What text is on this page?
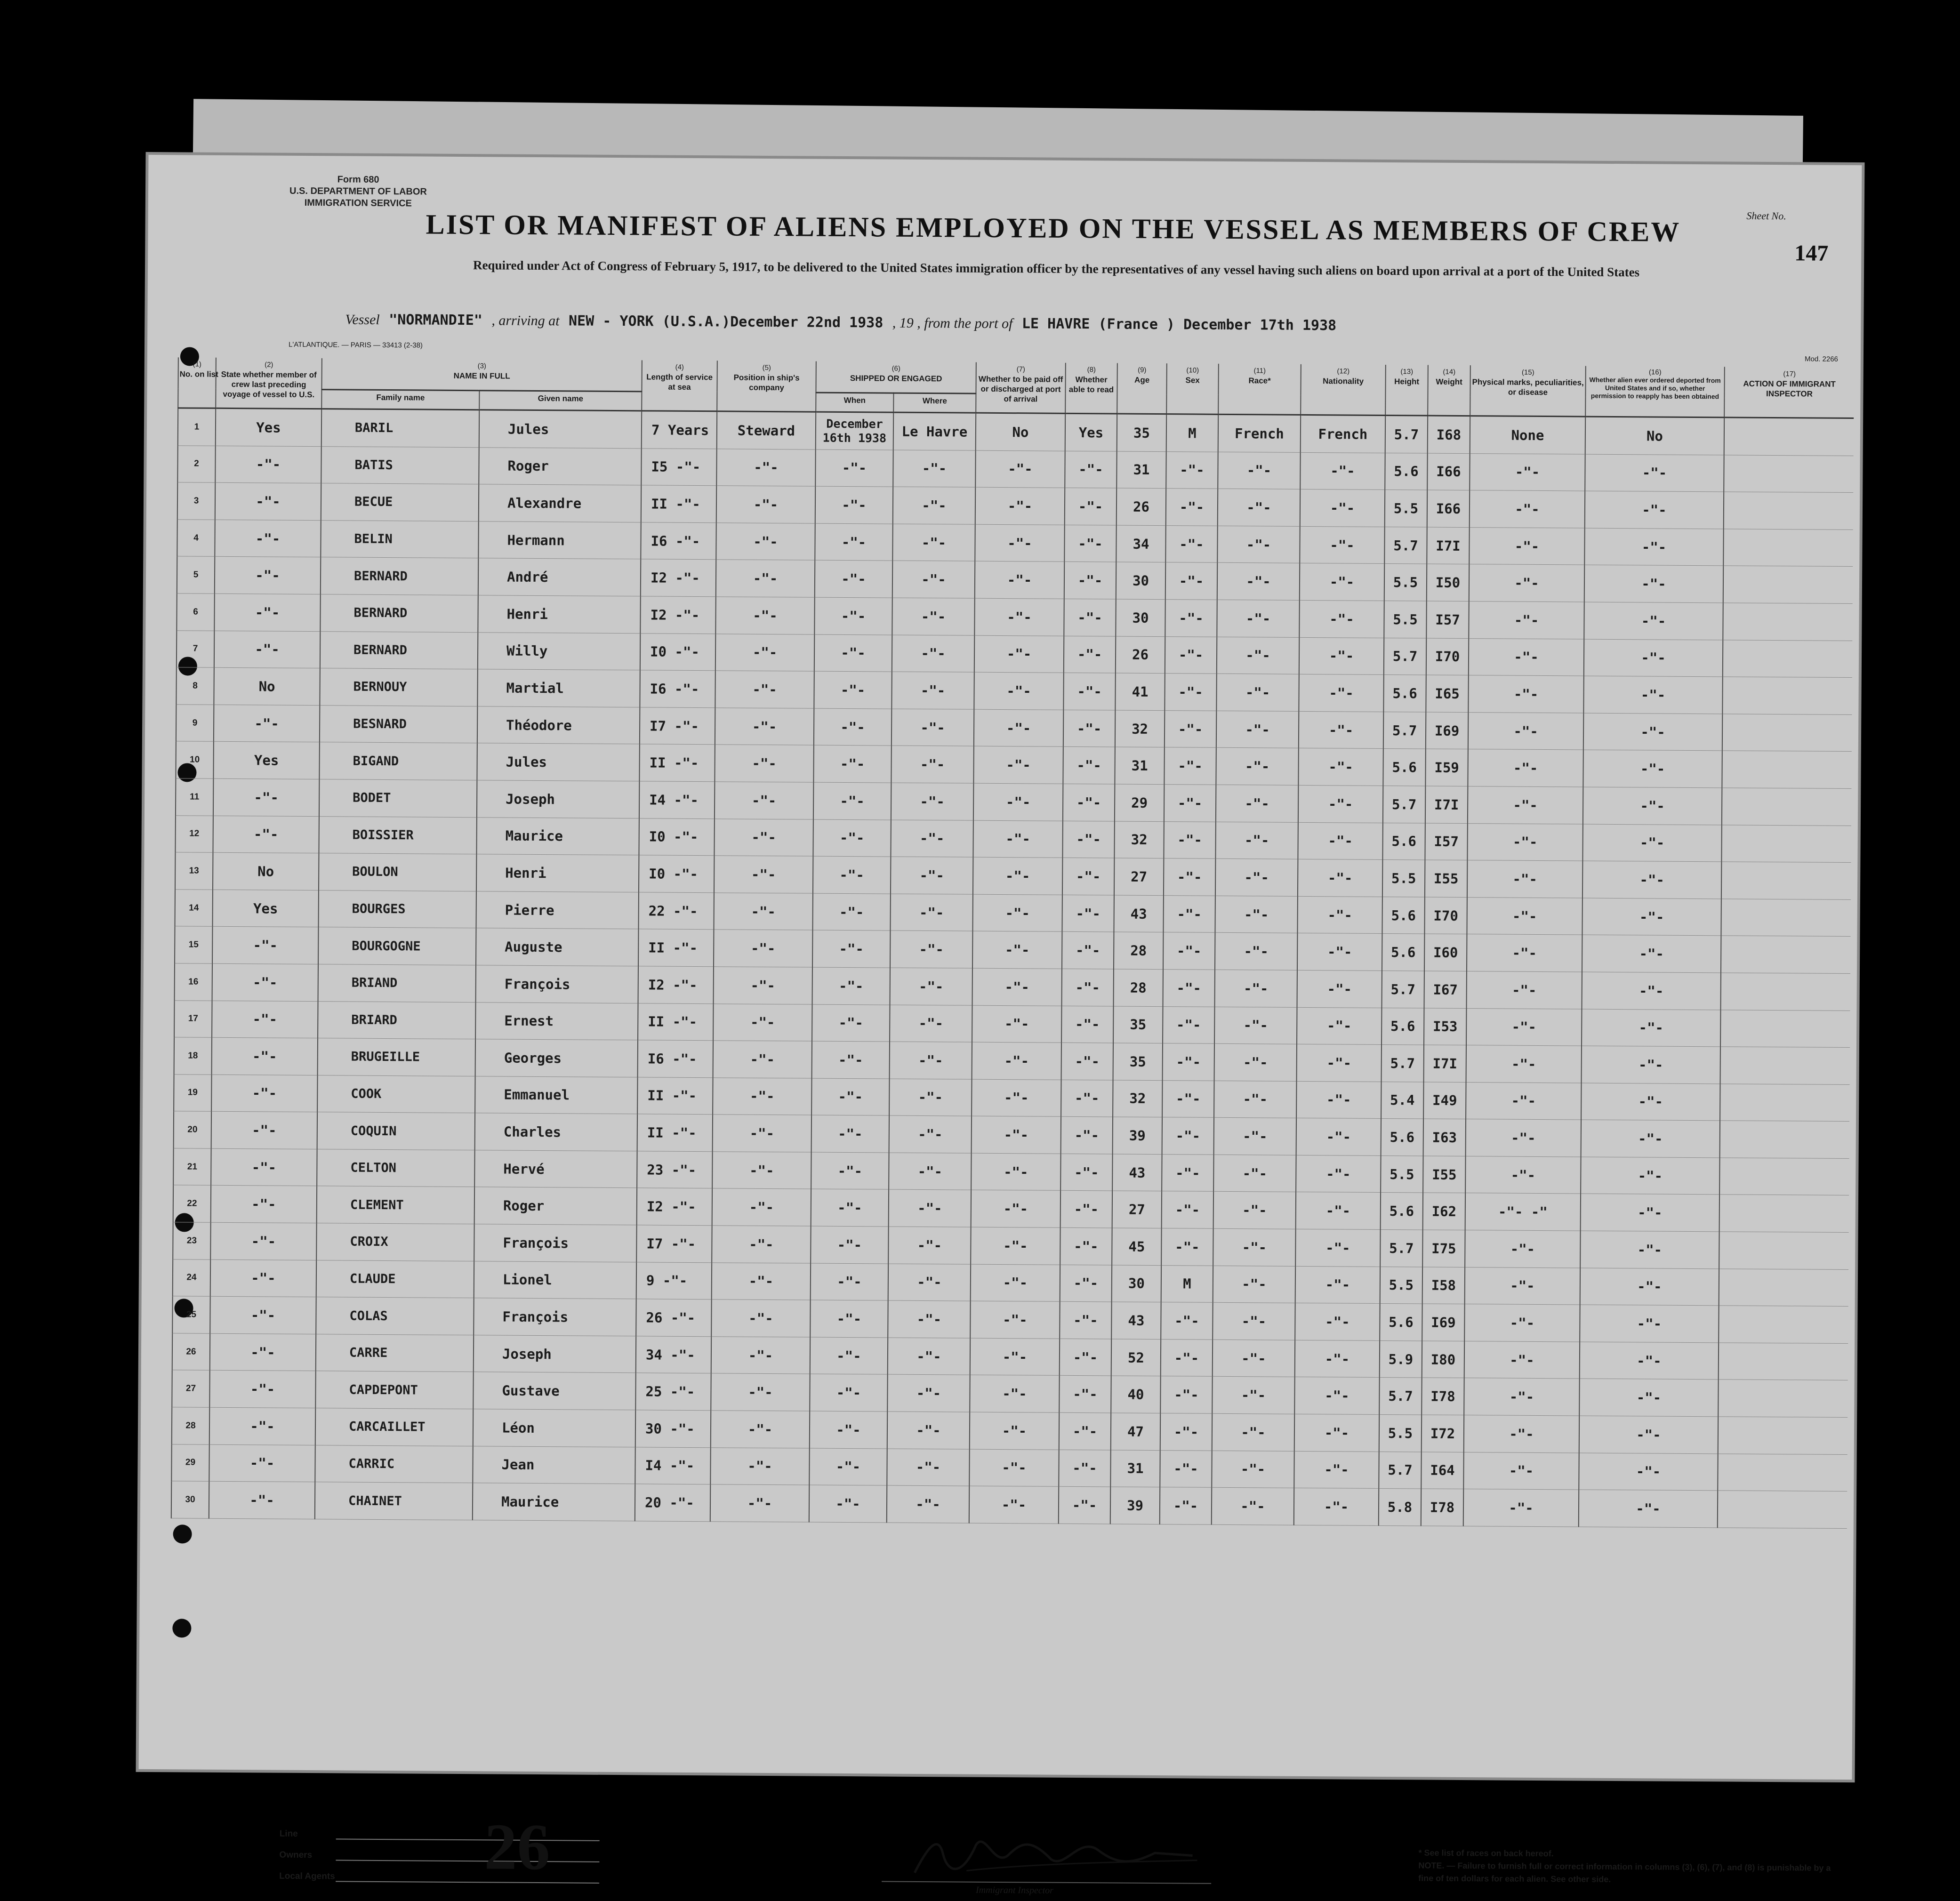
Form 680
U.S. DEPARTMENT OF LABOR
IMMIGRATION SERVICE
LIST OR MANIFEST OF ALIENS EMPLOYED ON THE VESSEL AS MEMBERS OF CREW	Sheet No.
147
Required under Act of Congress of February 5, 1917, to be delivered to the United States immigration officer by the representatives of any vessel having such aliens on board upon arrival at a port of the United States
Vessel "NORMANDIE" , arriving at NEW - YORK (U.S.A.)December 22nd 1938 , 19 , from the port of LE HAVRE (France ) December 17th 1938
L'ATLANTIQUE. — PARIS — 33413 (2-38)
Mod. 2266
(1)
No. on list	(2)
State whether member of crew last preceding voyage of vessel to U.S.	(3)
NAME IN FULL		(4)
Length of service at sea	(5)
Position in ship's company	(6)
SHIPPED OR ENGAGED		(7)
Whether to be paid off or discharged at port of arrival	(8)
Whether able to read	(9)
Age	(10)
Sex	(11)
Race*	(12)
Nationality	(13)
Height	(14)
Weight	(15)
Physical marks, peculiarities, or disease	(16)
Whether alien ever ordered deported from United States and if so, whether permission to reapply has been obtained	(17)
ACTION OF IMMIGRANT INSPECTOR
		Family name	Given name			When	Where											
1	Yes	BARIL	Jules	7 Years	Steward	December 16th 1938	Le Havre	No	Yes	35	M	French	French	5.7	I68	None	No	
2	-"-	BATIS	Roger	I5 -"-	-"-	-"-	-"-	-"-	-"-	31	-"-	-"-	-"-	5.6	I66	-"-	-"-	
3	-"-	BECUE	Alexandre	II -"-	-"-	-"-	-"-	-"-	-"-	26	-"-	-"-	-"-	5.5	I66	-"-	-"-	
4	-"-	BELIN	Hermann	I6 -"-	-"-	-"-	-"-	-"-	-"-	34	-"-	-"-	-"-	5.7	I7I	-"-	-"-	
5	-"-	BERNARD	André	I2 -"-	-"-	-"-	-"-	-"-	-"-	30	-"-	-"-	-"-	5.5	I50	-"-	-"-	
6	-"-	BERNARD	Henri	I2 -"-	-"-	-"-	-"-	-"-	-"-	30	-"-	-"-	-"-	5.5	I57	-"-	-"-	
7	-"-	BERNARD	Willy	I0 -"-	-"-	-"-	-"-	-"-	-"-	26	-"-	-"-	-"-	5.7	I70	-"-	-"-	
8	No	BERNOUY	Martial	I6 -"-	-"-	-"-	-"-	-"-	-"-	41	-"-	-"-	-"-	5.6	I65	-"-	-"-	
9	-"-	BESNARD	Théodore	I7 -"-	-"-	-"-	-"-	-"-	-"-	32	-"-	-"-	-"-	5.7	I69	-"-	-"-	
10	Yes	BIGAND	Jules	II -"-	-"-	-"-	-"-	-"-	-"-	31	-"-	-"-	-"-	5.6	I59	-"-	-"-	
11	-"-	BODET	Joseph	I4 -"-	-"-	-"-	-"-	-"-	-"-	29	-"-	-"-	-"-	5.7	I7I	-"-	-"-	
12	-"-	BOISSIER	Maurice	I0 -"-	-"-	-"-	-"-	-"-	-"-	32	-"-	-"-	-"-	5.6	I57	-"-	-"-	
13	No	BOULON	Henri	I0 -"-	-"-	-"-	-"-	-"-	-"-	27	-"-	-"-	-"-	5.5	I55	-"-	-"-	
14	Yes	BOURGES	Pierre	22 -"-	-"-	-"-	-"-	-"-	-"-	43	-"-	-"-	-"-	5.6	I70	-"-	-"-	
15	-"-	BOURGOGNE	Auguste	II -"-	-"-	-"-	-"-	-"-	-"-	28	-"-	-"-	-"-	5.6	I60	-"-	-"-	
16	-"-	BRIAND	François	I2 -"-	-"-	-"-	-"-	-"-	-"-	28	-"-	-"-	-"-	5.7	I67	-"-	-"-	
17	-"-	BRIARD	Ernest	II -"-	-"-	-"-	-"-	-"-	-"-	35	-"-	-"-	-"-	5.6	I53	-"-	-"-	
18	-"-	BRUGEILLE	Georges	I6 -"-	-"-	-"-	-"-	-"-	-"-	35	-"-	-"-	-"-	5.7	I7I	-"-	-"-	
19	-"-	COOK	Emmanuel	II -"-	-"-	-"-	-"-	-"-	-"-	32	-"-	-"-	-"-	5.4	I49	-"-	-"-	
20	-"-	COQUIN	Charles	II -"-	-"-	-"-	-"-	-"-	-"-	39	-"-	-"-	-"-	5.6	I63	-"-	-"-	
21	-"-	CELTON	Hervé	23 -"-	-"-	-"-	-"-	-"-	-"-	43	-"-	-"-	-"-	5.5	I55	-"-	-"-	
22	-"-	CLEMENT	Roger	I2 -"-	-"-	-"-	-"-	-"-	-"-	27	-"-	-"-	-"-	5.6	I62	-"- -"	-"-	
23	-"-	CROIX	François	I7 -"-	-"-	-"-	-"-	-"-	-"-	45	-"-	-"-	-"-	5.7	I75	-"-	-"-	
24	-"-	CLAUDE	Lionel	9 -"-	-"-	-"-	-"-	-"-	-"-	30	M	-"-	-"-	5.5	I58	-"-	-"-	
25	-"-	COLAS	François	26 -"-	-"-	-"-	-"-	-"-	-"-	43	-"-	-"-	-"-	5.6	I69	-"-	-"-	
26	-"-	CARRE	Joseph	34 -"-	-"-	-"-	-"-	-"-	-"-	52	-"-	-"-	-"-	5.9	I80	-"-	-"-	
27	-"-	CAPDEPONT	Gustave	25 -"-	-"-	-"-	-"-	-"-	-"-	40	-"-	-"-	-"-	5.7	I78	-"-	-"-	
28	-"-	CARCAILLET	Léon	30 -"-	-"-	-"-	-"-	-"-	-"-	47	-"-	-"-	-"-	5.5	I72	-"-	-"-	
29	-"-	CARRIC	Jean	I4 -"-	-"-	-"-	-"-	-"-	-"-	31	-"-	-"-	-"-	5.7	I64	-"-	-"-	
30	-"-	CHAINET	Maurice	20 -"-	-"-	-"-	-"-	-"-	-"-	39	-"-	-"-	-"-	5.8	I78	-"-	-"-	
Line
Owners
Local Agents 26
Immigrant Inspector
* See list of races on back hereof.
NOTE. — Failure to furnish full or correct information in columns (3), (6), (7), and (8) is punishable by a fine of ten dollars for each alien. See other side.
